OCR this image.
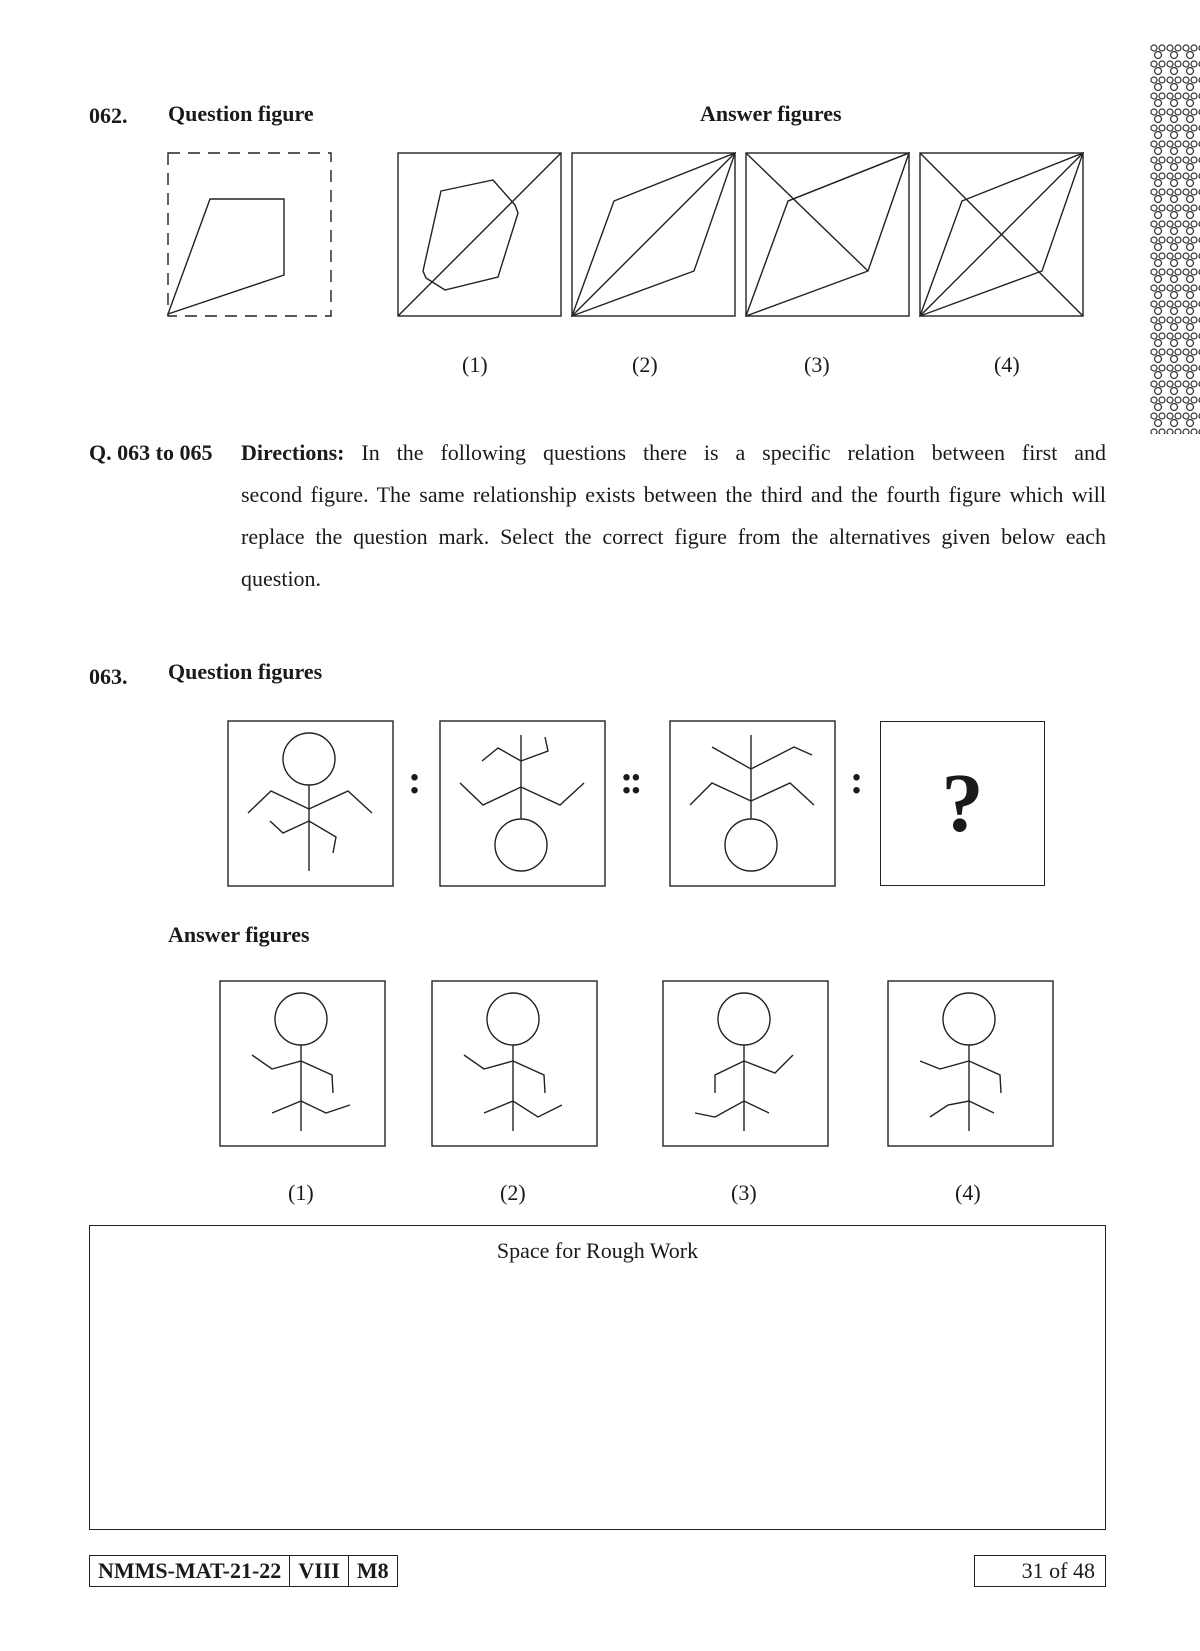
062. Question figure	Answer figures
(1)	(2)	(3)	(4)
Q. 063 to 065	Directions: In the following questions there is a specific relation between first and
second figure. The same relationship exists between the third and the fourth figure which will replace the question mark. Select the correct figure from the alternatives given below each question.
063. Question figures
:	::	: ?
Answer figures
(1)	(2)	(3)	(4)
Space for Rough Work
NMMS-MAT-21-22 VIII M8	31 of 48
